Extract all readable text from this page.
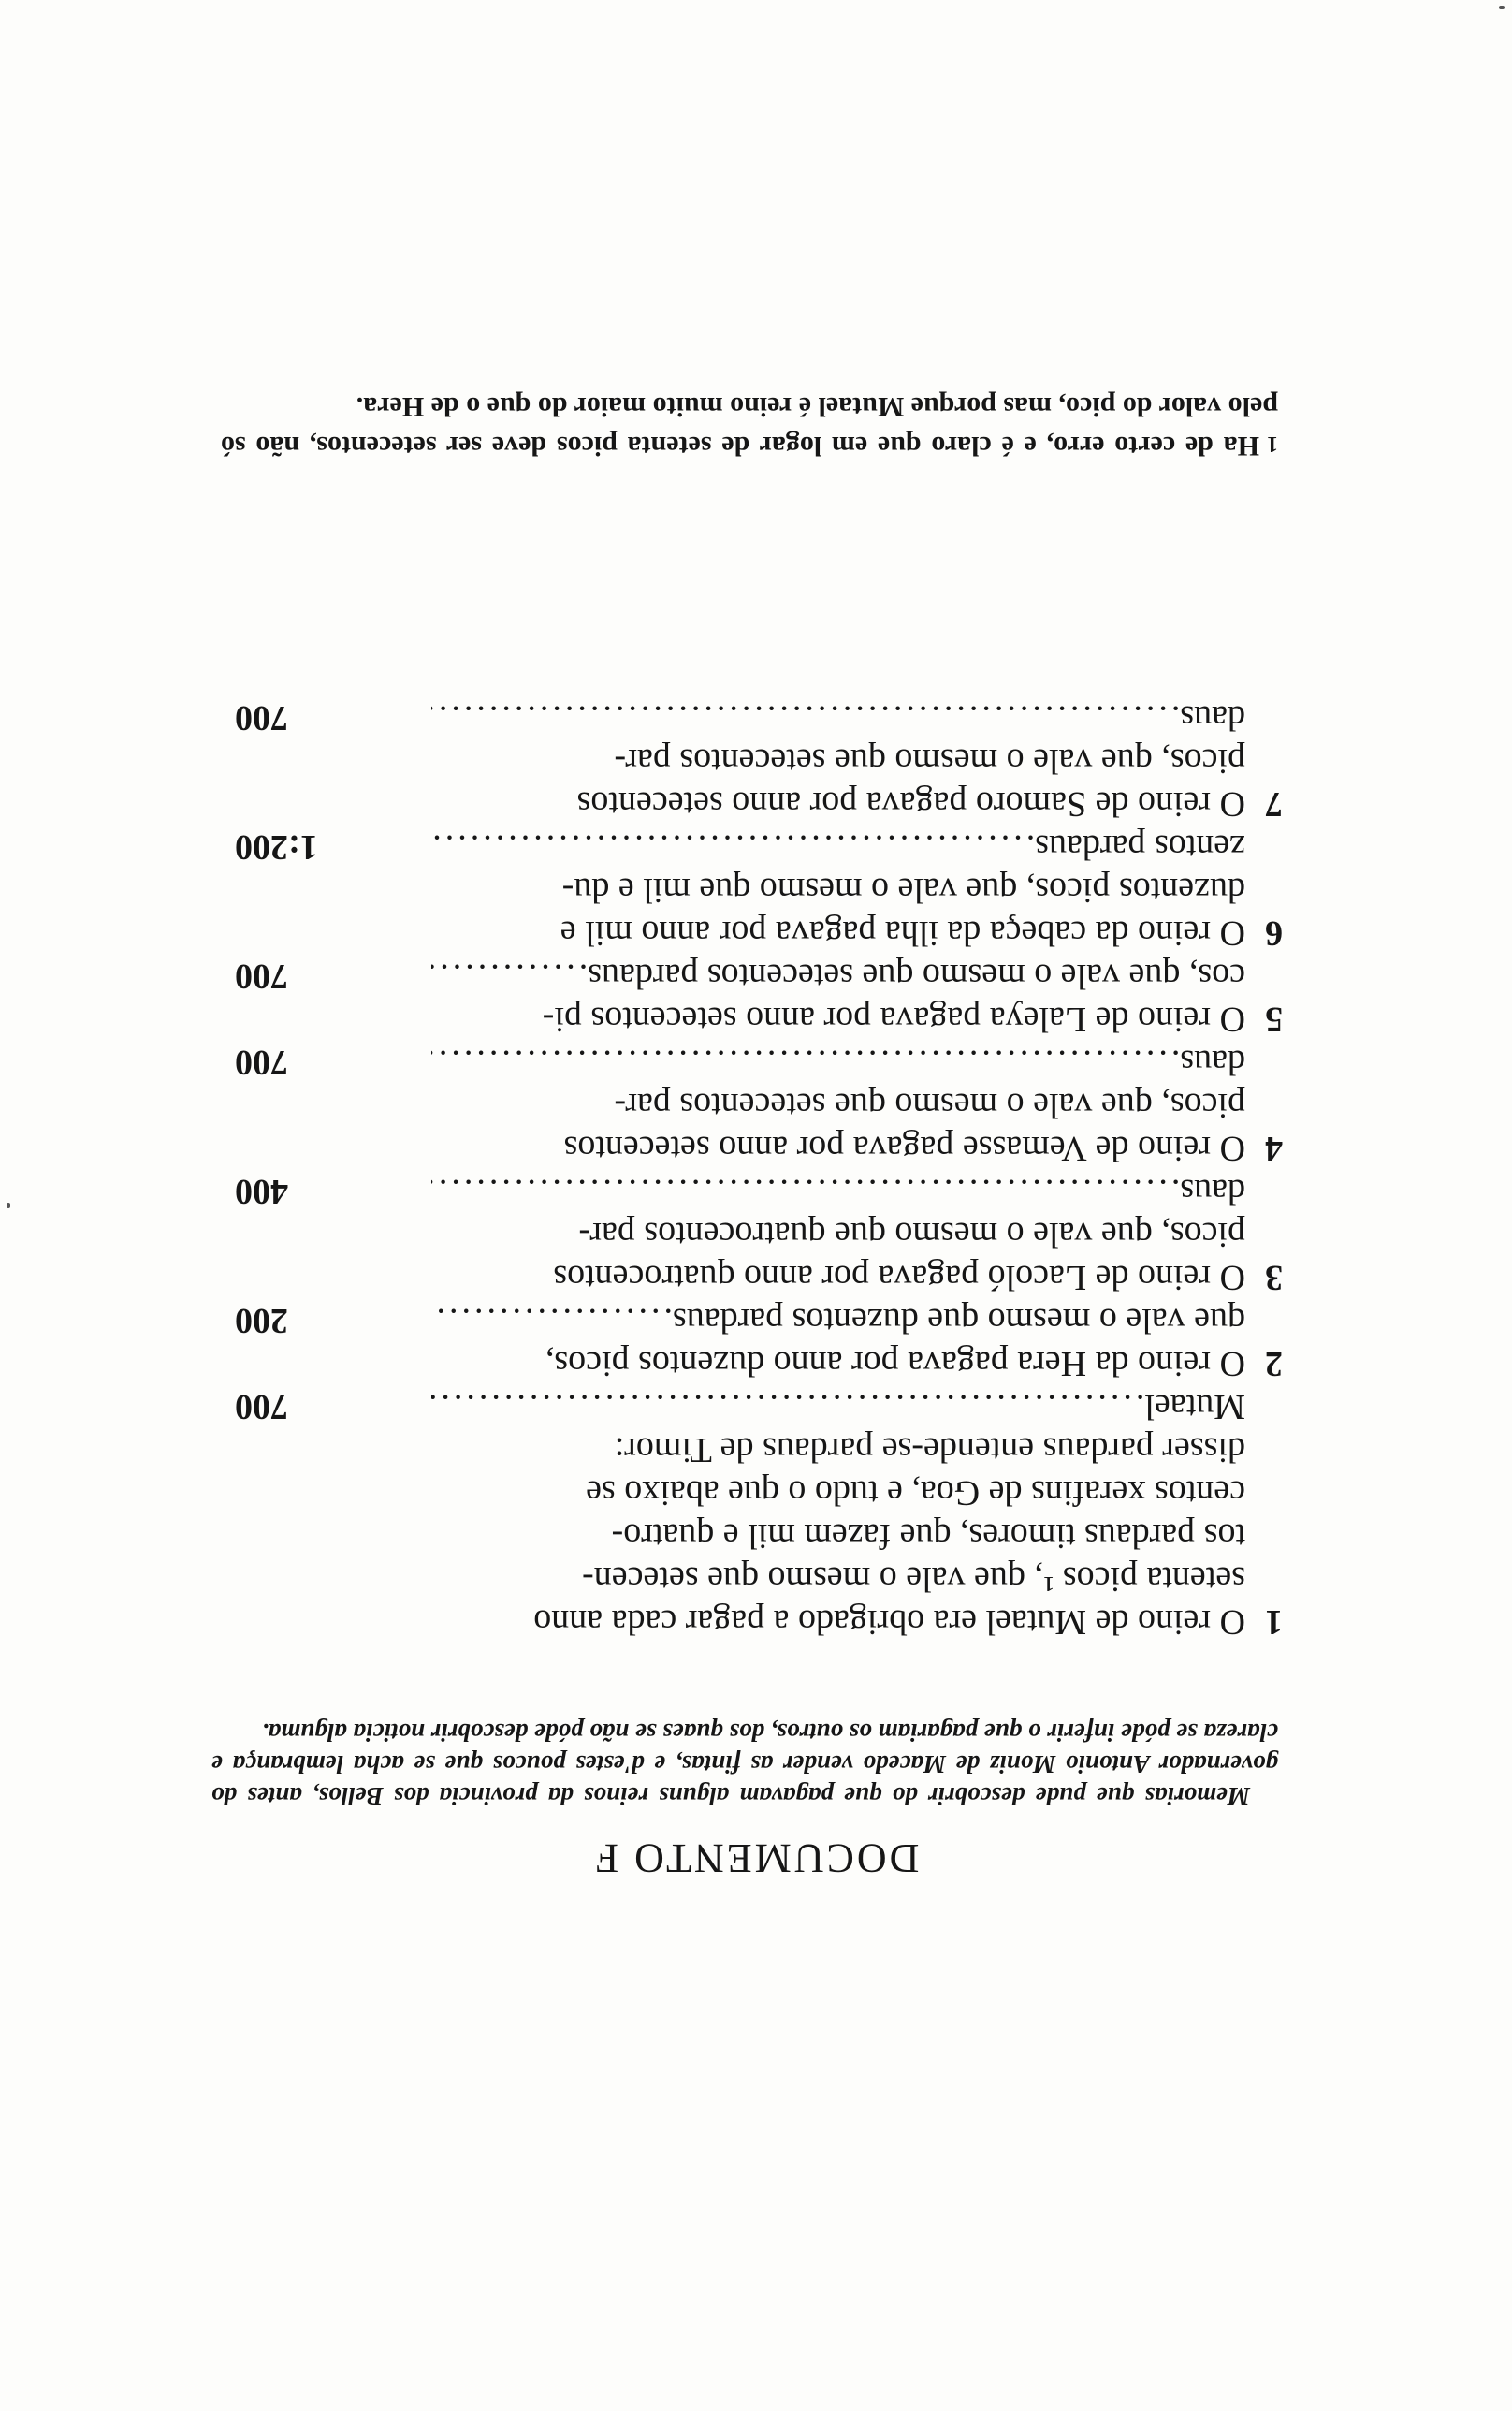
DOCUMENTO F

Memorias que pude descobrir do que pagavam alguns reinos da provincia dos Bellos, antes do governador Antonio Moniz de Macedo vender as fintas, e d'estes poucos que se acha lembrança e clareza se póde inferir o que pagariam os outros, dos quaes se não póde descobrir noticia alguma.

1
O reino de Mutael era obrigado a pagar cada anno
setenta picos ¹, que vale o mesmo que setecen-
tos pardaus timores, que fazem mil e quatro-
centos xerafins de Goa, e tudo o que abaixo se
disser pardaus entende-se pardaus de Timor:
Mutael
.....
700
2
O reino da Hera pagava por anno duzentos picos,
que vale o mesmo que duzentos pardaus
.....
200
3
O reino de Lacoló pagava por anno quatrocentos
picos, que vale o mesmo que quatrocentos par-
daus
.....
400
4
O reino de Vemasse pagava por anno setecentos
picos, que vale o mesmo que setecentos par-
daus
.....
700
5
O reino de Laleya pagava por anno setecentos pi-
cos, que vale o mesmo que setecentos pardaus
.....
700
6
O reino da cabeça da ilha pagava por anno mil e
duzentos picos, que vale o mesmo que mil e du-
zentos pardaus
.....
1:200
7
O reino de Samoro pagava por anno setecentos
picos, que vale o mesmo que setecentos par-
daus
.....
700

1Ha de certo erro, e é claro que em logar de setenta picos deve ser setecentos, não só pelo valor do pico, mas porque Mutael é reino muito maior do que o de Hera.
